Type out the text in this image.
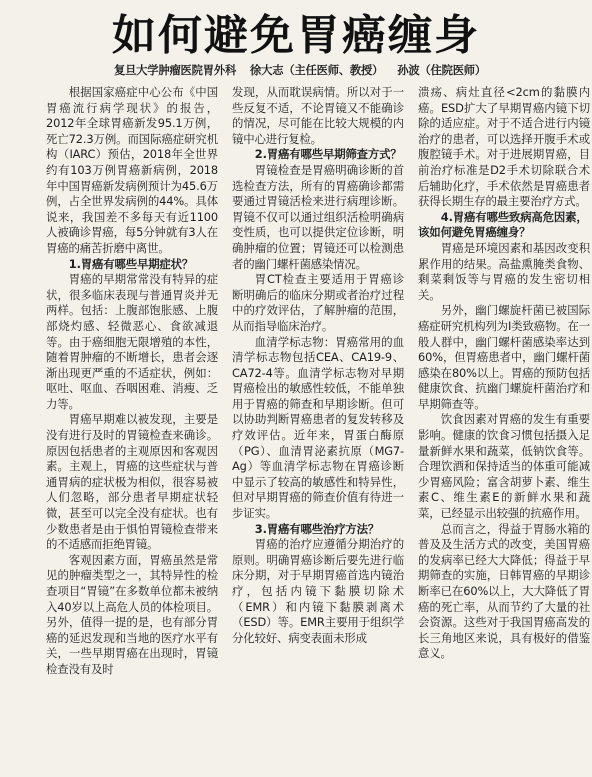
如何避免胃癌缠身
复旦大学肿瘤医院胃外科 徐大志（主任医师、教授） 孙波（住院医师）

根据国家癌症中心公布《中国胃癌流行病学现状》的报告，2012年全球胃癌新发95.1万例，死亡72.3万例。而国际癌症研究机构（IARC）预估，2018年全世界约有103万例胃癌新病例，2018年中国胃癌新发病例预计为45.6万例，占全世界发病例的44%。具体说来，我国差不多每天有近1100人被确诊胃癌，每5分钟就有3人在胃癌的痛苦折磨中离世。

1.胃癌有哪些早期症状？

胃癌的早期常常没有特异的症状，很多临床表现与普通胃炎并无两样。包括：上腹部饱胀感、上腹部烧灼感、轻微恶心、食欲减退等。由于癌细胞无限增殖的本性，随着胃肿瘤的不断增长，患者会逐渐出现更严重的不适症状，例如：呕吐、呕血、吞咽困难、消瘦、乏力等。

胃癌早期难以被发现，主要是没有进行及时的胃镜检查来确诊。原因包括患者的主观原因和客观因素。主观上，胃癌的这些症状与普通胃病的症状极为相似，很容易被人们忽略，部分患者早期症状轻微，甚至可以完全没有症状。也有少数患者是由于惧怕胃镜检查带来的不适感而拒绝胃镜。

客观因素方面，胃癌虽然是常见的肿瘤类型之一，其特异性的检查项目“胃镜”在多数单位都未被纳入40岁以上高危人员的体检项目。另外，值得一提的是，也有部分胃癌的延迟发现和当地的医疗水平有关，一些早期胃癌在出现时，胃镜检查没有及时

发现，从而耽误病情。所以对于一些反复不适，不论胃镜又不能确诊的情况，尽可能在比较大规模的内镜中心进行复检。

2.胃癌有哪些早期筛查方式？

胃镜检查是胃癌明确诊断的首选检查方法，所有的胃癌确诊都需要通过胃镜活检来进行病理诊断。胃镜不仅可以通过组织活检明确病变性质，也可以提供定位诊断，明确肿瘤的位置；胃镜还可以检测患者的幽门螺杆菌感染情况。

胃CT检查主要适用于胃癌诊断明确后的临床分期或者治疗过程中的疗效评估，了解肿瘤的范围，从而指导临床治疗。

血清学标志物：胃癌常用的血清学标志物包括CEA、CA19-9、CA72-4等。血清学标志物对早期胃癌检出的敏感性较低，不能单独用于胃癌的筛查和早期诊断。但可以协助判断胃癌患者的复发转移及疗效评估。近年来，胃蛋白酶原（PG）、血清胃泌素抗原（MG7-Ag）等血清学标志物在胃癌诊断中显示了较高的敏感性和特异性，但对早期胃癌的筛查价值有待进一步证实。

3.胃癌有哪些治疗方法？

胃癌的治疗应遵循分期治疗的原则。明确胃癌诊断后要先进行临床分期，对于早期胃癌首选内镜治疗，包括内镜下黏膜切除术（EMR）和内镜下黏膜剥离术（ESD）等。EMR主要用于组织学分化较好、病变表面未形成

溃疡、病灶直径<2cm的黏膜内癌。ESD扩大了早期胃癌内镜下切除的适应症。对于不适合进行内镜治疗的患者，可以选择开腹手术或腹腔镜手术。对于进展期胃癌，目前治疗标准是D2手术切除联合术后辅助化疗，手术依然是胃癌患者获得长期生存的最主要治疗方式。

4.胃癌有哪些致病高危因素，该如何避免胃癌缠身？

胃癌是环境因素和基因改变积累作用的结果。高盐熏腌类食物、剩菜剩饭等与胃癌的发生密切相关。

另外，幽门螺旋杆菌已被国际癌症研究机构列为Ⅰ类致癌物。在一般人群中，幽门螺杆菌感染率达到60%，但胃癌患者中，幽门螺杆菌感染在80%以上。胃癌的预防包括健康饮食、抗幽门螺旋杆菌治疗和早期筛查等。

饮食因素对胃癌的发生有重要影响。健康的饮食习惯包括摄入足量新鲜水果和蔬菜，低钠饮食等。合理饮酒和保持适当的体重可能减少胃癌风险；富含胡萝卜素、维生素C、维生素E的新鲜水果和蔬菜，已经显示出较强的抗癌作用。

总而言之，得益于胃肠水箱的普及及生活方式的改变，美国胃癌的发病率已经大大降低；得益于早期筛查的实施，日韩胃癌的早期诊断率已在60%以上，大大降低了胃癌的死亡率，从而节约了大量的社会资源。这些对于我国胃癌高发的长三角地区来说，具有极好的借鉴意义。
